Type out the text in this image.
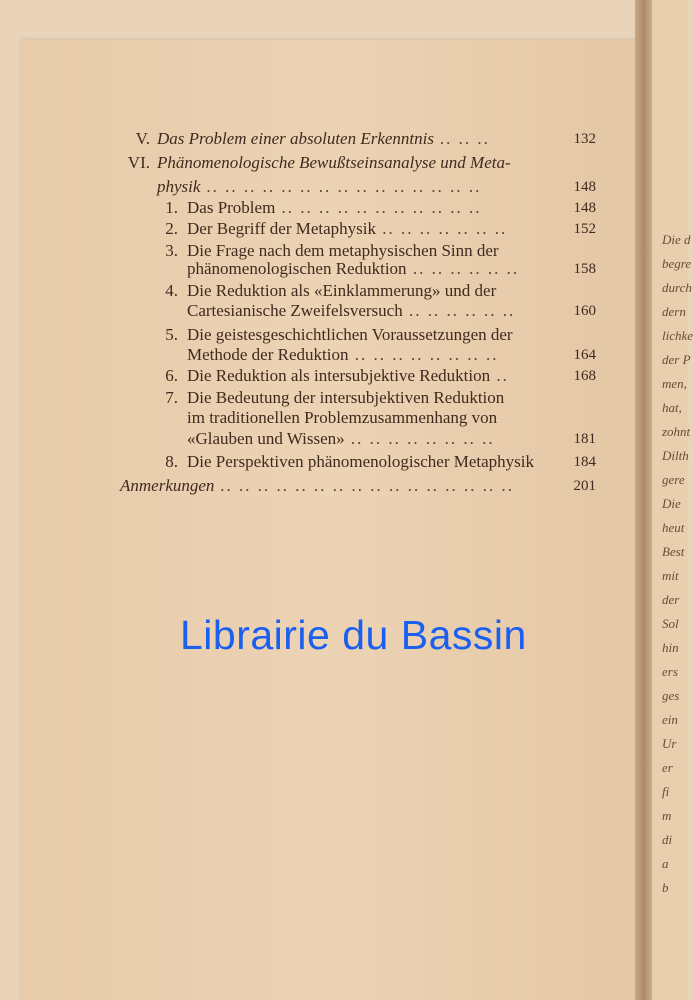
Die d
begre
durch
dern
lichke
der P
men,
hat,
zohnt
Dilth
gere
Die
heut
Best
mit
der
Sol
hin
ers
ges
ein
Ur
er
fi
m
di
a
b
V. Das Problem einer absoluten Erkenntnis .. .. ..	132
VI. Phänomenologische Bewußtseinsanalyse und Meta-
physik .. .. .. .. .. .. .. .. .. .. .. .. .. .. ..	148
1. Das Problem .. .. .. .. .. .. .. .. .. .. ..	148
2. Der Begriff der Metaphysik .. .. .. .. .. .. ..	152
3. Die Frage nach dem metaphysischen Sinn der
phänomenologischen Reduktion .. .. .. .. .. ..	158
4. Die Reduktion als «Einklammerung» und der
Cartesianische Zweifelsversuch .. .. .. .. .. ..	160
5. Die geistesgeschichtlichen Voraussetzungen der
Methode der Reduktion .. .. .. .. .. .. .. ..	164
6. Die Reduktion als intersubjektive Reduktion ..	168
7. Die Bedeutung der intersubjektiven Reduktion
im traditionellen Problemzusammenhang von
«Glauben und Wissen» .. .. .. .. .. .. .. ..	181
8. Die Perspektiven phänomenologischer Metaphysik	184
Anmerkungen .. .. .. .. .. .. .. .. .. .. .. .. .. .. .. ..	201
Librairie du Bassin
